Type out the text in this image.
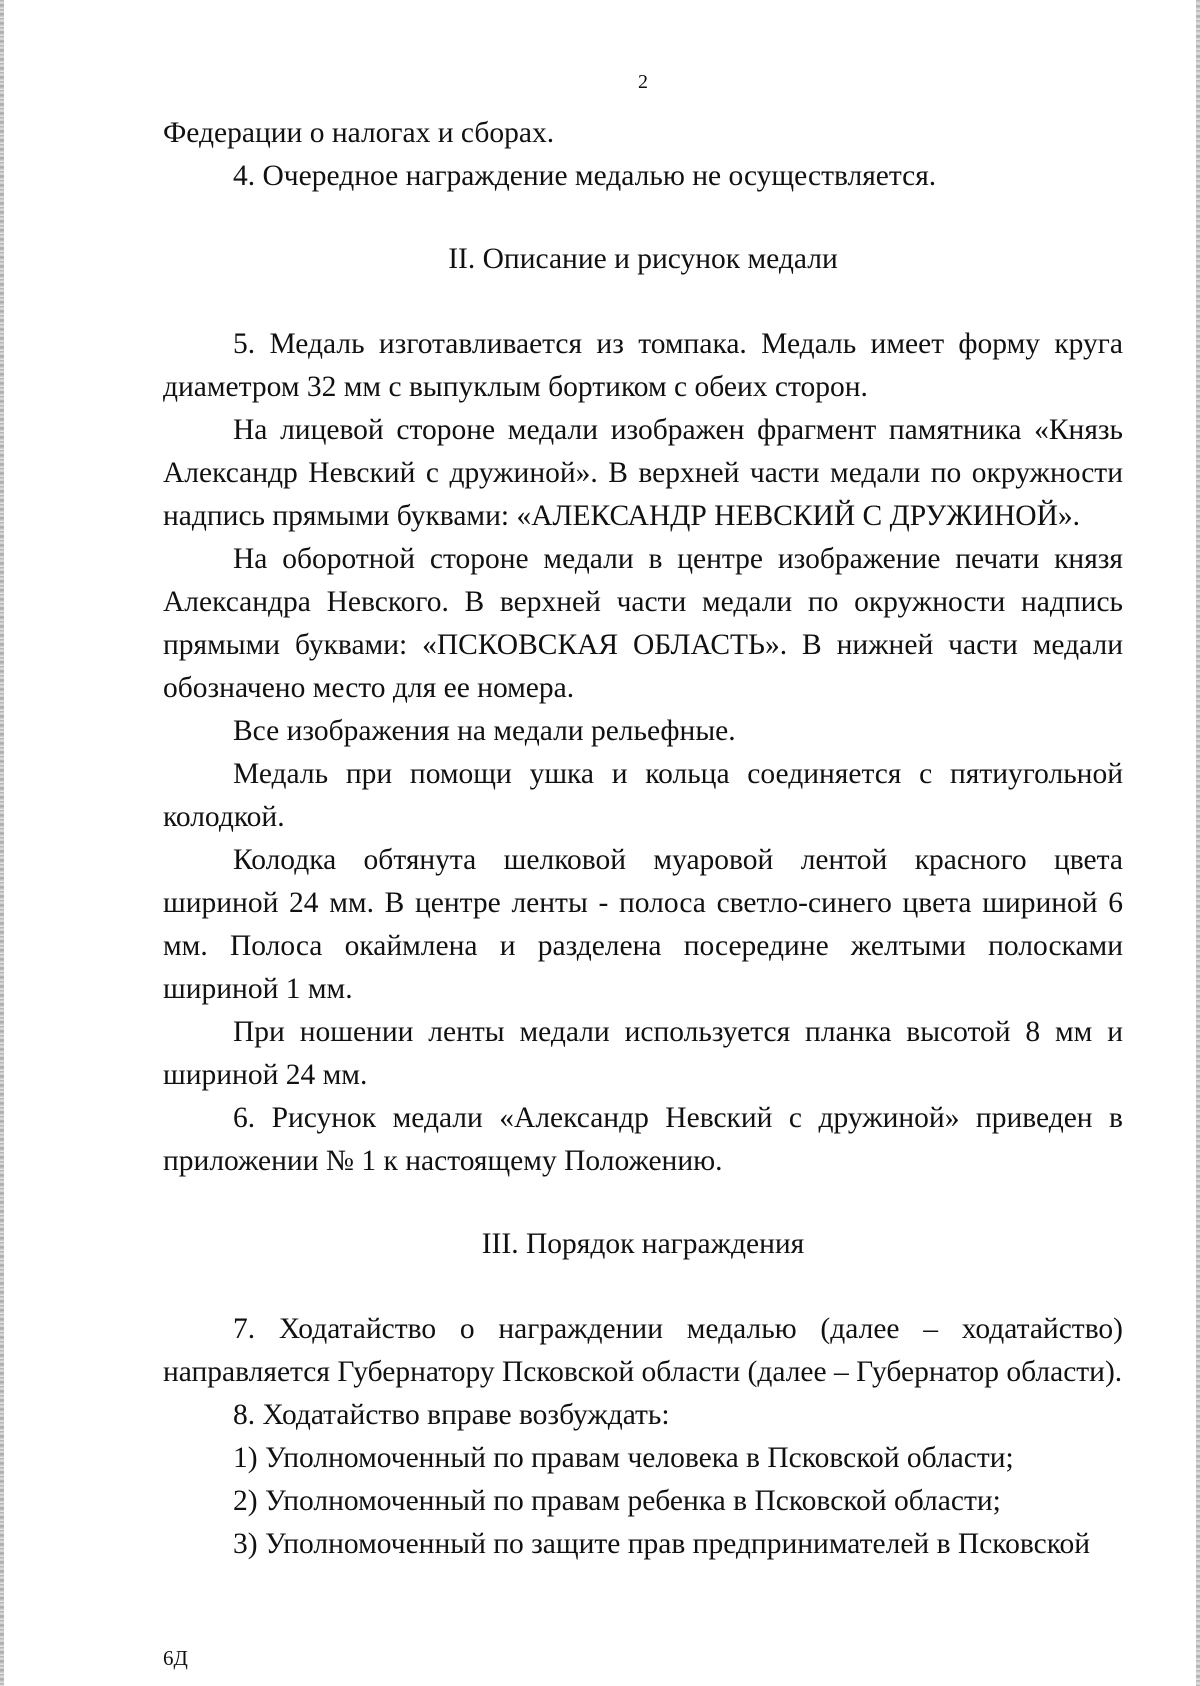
2

Федерации о налогах и сборах.

4. Очередное награждение медалью не осуществляется.

II. Описание и рисунок медали

5. Медаль изготавливается из томпака. Медаль имеет форму круга диаметром 32 мм с выпуклым бортиком с обеих сторон.

На лицевой стороне медали изображен фрагмент памятника «Князь Александр Невский с дружиной». В верхней части медали по окружности надпись прямыми буквами: «АЛЕКСАНДР НЕВСКИЙ С ДРУЖИНОЙ».

На оборотной стороне медали в центре изображение печати князя Александра Невского. В верхней части медали по окружности надпись прямыми буквами: «ПСКОВСКАЯ ОБЛАСТЬ». В нижней части медали обозначено место для ее номера.

Все изображения на медали рельефные.

Медаль при помощи ушка и кольца соединяется с пятиугольной колодкой.

Колодка обтянута шелковой муаровой лентой красного цвета шириной 24 мм. В центре ленты - полоса светло-синего цвета шириной 6 мм. Полоса окаймлена и разделена посередине желтыми полосками шириной 1 мм.

При ношении ленты медали используется планка высотой 8 мм и шириной 24 мм.

6. Рисунок медали «Александр Невский с дружиной» приведен в приложении № 1 к настоящему Положению.

III. Порядок награждения

7. Ходатайство о награждении медалью (далее – ходатайство) направляется Губернатору Псковской области (далее – Губернатор области).

8. Ходатайство вправе возбуждать:

1) Уполномоченный по правам человека в Псковской области;

2) Уполномоченный по правам ребенка в Псковской области;

3) Уполномоченный по защите прав предпринимателей в Псковской

6Д
